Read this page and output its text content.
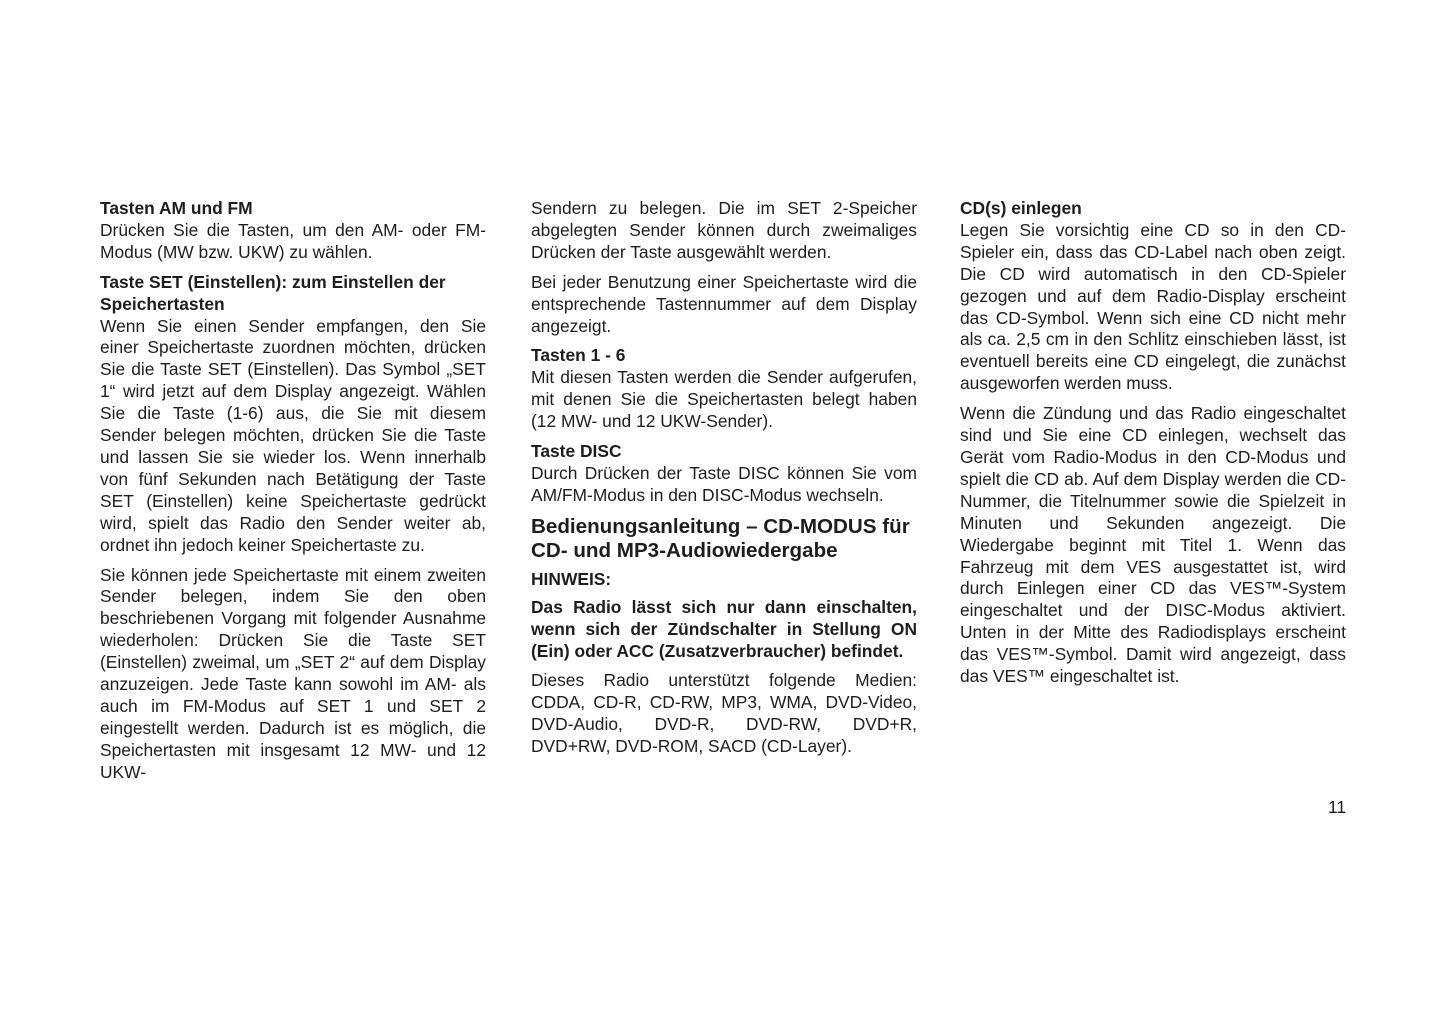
Tasten AM und FM
Drücken Sie die Tasten, um den AM- oder FM-Modus (MW bzw. UKW) zu wählen.
Taste SET (Einstellen): zum Einstellen der Speichertasten
Wenn Sie einen Sender empfangen, den Sie einer Speichertaste zuordnen möchten, drücken Sie die Taste SET (Einstellen). Das Symbol „SET 1“ wird jetzt auf dem Display angezeigt. Wählen Sie die Taste (1-6) aus, die Sie mit diesem Sender belegen möchten, drücken Sie die Taste und lassen Sie sie wieder los. Wenn innerhalb von fünf Sekunden nach Betätigung der Taste SET (Einstellen) keine Speichertaste gedrückt wird, spielt das Radio den Sender weiter ab, ordnet ihn jedoch keiner Speichertaste zu.
Sie können jede Speichertaste mit einem zweiten Sender belegen, indem Sie den oben beschriebenen Vorgang mit folgender Ausnahme wiederholen: Drücken Sie die Taste SET (Einstellen) zweimal, um „SET 2“ auf dem Display anzuzeigen. Jede Taste kann sowohl im AM- als auch im FM-Modus auf SET 1 und SET 2 eingestellt werden. Dadurch ist es möglich, die Speichertasten mit insgesamt 12 MW- und 12 UKW-
Sendern zu belegen. Die im SET 2-Speicher abgelegten Sender können durch zweimaliges Drücken der Taste ausgewählt werden.
Bei jeder Benutzung einer Speichertaste wird die entsprechende Tastennummer auf dem Display angezeigt.
Tasten 1 - 6
Mit diesen Tasten werden die Sender aufgerufen, mit denen Sie die Speichertasten belegt haben (12 MW- und 12 UKW-Sender).
Taste DISC
Durch Drücken der Taste DISC können Sie vom AM/FM-Modus in den DISC-Modus wechseln.
Bedienungsanleitung – CD-MODUS für CD- und MP3-Audiowiedergabe
HINWEIS:
Das Radio lässt sich nur dann einschalten, wenn sich der Zündschalter in Stellung ON (Ein) oder ACC (Zusatzverbraucher) befindet.
Dieses Radio unterstützt folgende Medien: CDDA, CD-R, CD-RW, MP3, WMA, DVD-Video, DVD-Audio, DVD-R, DVD-RW, DVD+R, DVD+RW, DVD-ROM, SACD (CD-Layer).
CD(s) einlegen
Legen Sie vorsichtig eine CD so in den CD-Spieler ein, dass das CD-Label nach oben zeigt. Die CD wird automatisch in den CD-Spieler gezogen und auf dem Radio-Display erscheint das CD-Symbol. Wenn sich eine CD nicht mehr als ca. 2,5 cm in den Schlitz einschieben lässt, ist eventuell bereits eine CD eingelegt, die zunächst ausgeworfen werden muss.
Wenn die Zündung und das Radio eingeschaltet sind und Sie eine CD einlegen, wechselt das Gerät vom Radio-Modus in den CD-Modus und spielt die CD ab. Auf dem Display werden die CD-Nummer, die Titelnummer sowie die Spielzeit in Minuten und Sekunden angezeigt. Die Wiedergabe beginnt mit Titel 1. Wenn das Fahrzeug mit dem VES ausgestattet ist, wird durch Einlegen einer CD das VES™-System eingeschaltet und der DISC-Modus aktiviert. Unten in der Mitte des Radiodisplays erscheint das VES™-Symbol. Damit wird angezeigt, dass das VES™ eingeschaltet ist.
11
